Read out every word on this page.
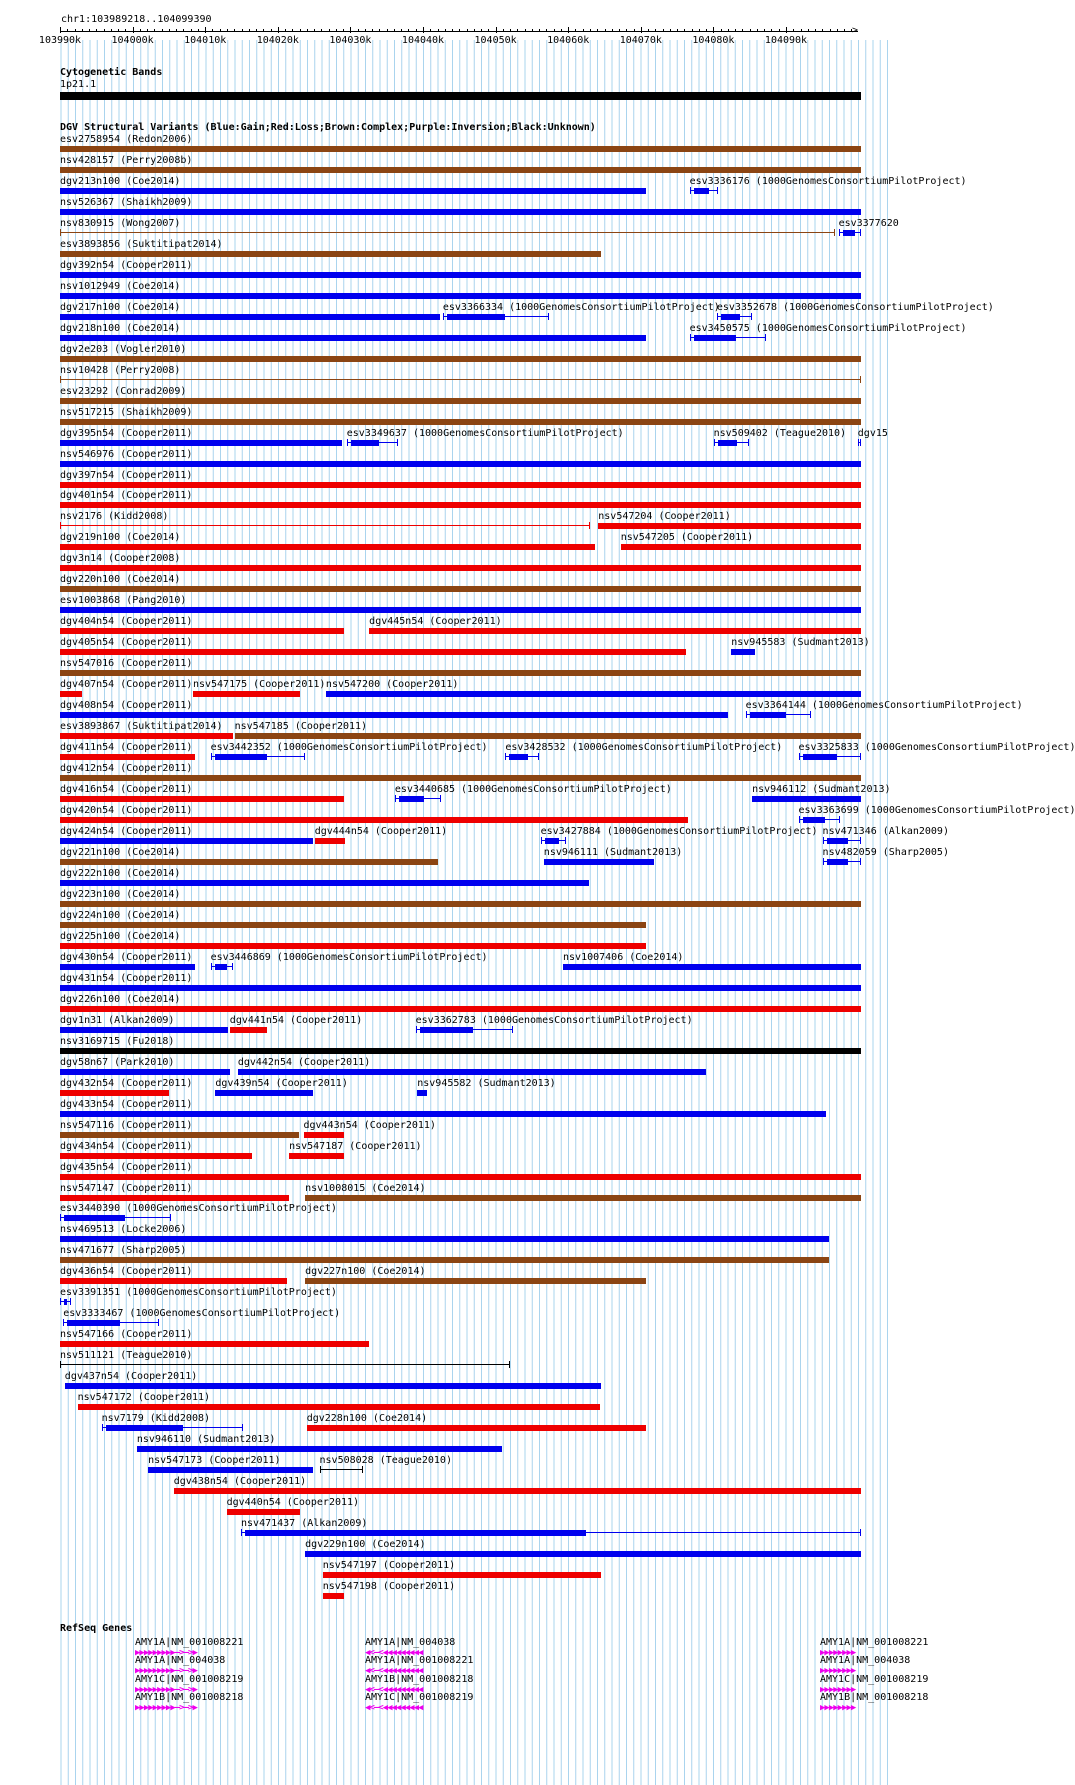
chr1:103989218..104099390
>
103990k	104000k	104010k	104020k	104030k	104040k	104050k	104060k	104070k	104080k	104090k
Cytogenetic Bands
1p21.1
DGV Structural Variants (Blue:Gain;Red:Loss;Brown:Complex;Purple:Inversion;Black:Unknown)
esv2758954 (Redon2006)
nsv428157 (Perry2008b)
dgv213n100 (Coe2014)	esv3336176 (1000GenomesConsortiumPilotProject)
nsv526367 (Shaikh2009)
nsv830915 (Wong2007)	esv3377620
esv3893856 (Suktitipat2014)
dgv392n54 (Cooper2011)
nsv1012949 (Coe2014)
dgv217n100 (Coe2014)	esv3366334 (1000GenomesConsortiumPilotProject)
esv3352678 (1000GenomesConsortiumPilotProject)
dgv218n100 (Coe2014)	esv3450575 (1000GenomesConsortiumPilotProject)
dgv2e203 (Vogler2010)
nsv10428 (Perry2008)
esv23292 (Conrad2009)
nsv517215 (Shaikh2009)
dgv395n54 (Cooper2011)	esv3349637 (1000GenomesConsortiumPilotProject)	nsv509402 (Teague2010) dgv15
nsv546976 (Cooper2011)
dgv397n54 (Cooper2011)
dgv401n54 (Cooper2011)
nsv2176 (Kidd2008)	nsv547204 (Cooper2011)
dgv219n100 (Coe2014)	nsv547205 (Cooper2011)
dgv3n14 (Cooper2008)
dgv220n100 (Coe2014)
esv1003868 (Pang2010)
dgv404n54 (Cooper2011)	dgv445n54 (Cooper2011)
dgv405n54 (Cooper2011)	nsv945583 (Sudmant2013)
nsv547016 (Cooper2011)
dgv407n54 (Cooper2011) nsv547175 (Cooper2011) nsv547200 (Cooper2011)
dgv408n54 (Cooper2011)	esv3364144 (1000GenomesConsortiumPilotProject)
esv3893867 (Suktitipat2014) nsv547185 (Cooper2011)
dgv411n54 (Cooper2011) esv3442352 (1000GenomesConsortiumPilotProject) esv3428532 (1000GenomesConsortiumPilotProject) esv3325833 (1000GenomesConsortiumPilotProject)
dgv412n54 (Cooper2011)
dgv416n54 (Cooper2011)	esv3440685 (1000GenomesConsortiumPilotProject)	nsv946112 (Sudmant2013)
dgv420n54 (Cooper2011)	esv3363699 (1000GenomesConsortiumPilotProject)
dgv424n54 (Cooper2011)	dgv444n54 (Cooper2011)	esv3427884 (1000GenomesConsortiumPilotProject) nsv471346 (Alkan2009)
dgv221n100 (Coe2014)	nsv946111 (Sudmant2013)	nsv482059 (Sharp2005)
dgv222n100 (Coe2014)
dgv223n100 (Coe2014)
dgv224n100 (Coe2014)
dgv225n100 (Coe2014)
dgv430n54 (Cooper2011) esv3446869 (1000GenomesConsortiumPilotProject)	nsv1007406 (Coe2014)
dgv431n54 (Cooper2011)
dgv226n100 (Coe2014)
dgv1n31 (Alkan2009)	dgv441n54 (Cooper2011)	esv3362783 (1000GenomesConsortiumPilotProject)
nsv3169715 (Fu2018)
dgv58n67 (Park2010)	dgv442n54 (Cooper2011)
dgv432n54 (Cooper2011) dgv439n54 (Cooper2011)	nsv945582 (Sudmant2013)
dgv433n54 (Cooper2011)
nsv547116 (Cooper2011)	dgv443n54 (Cooper2011)
dgv434n54 (Cooper2011)	nsv547187 (Cooper2011)
dgv435n54 (Cooper2011)
nsv547147 (Cooper2011)	nsv1008015 (Coe2014)
esv3440390 (1000GenomesConsortiumPilotProject)
nsv469513 (Locke2006)
nsv471677 (Sharp2005)
dgv436n54 (Cooper2011)	dgv227n100 (Coe2014)
esv3391351 (1000GenomesConsortiumPilotProject)
esv3333467 (1000GenomesConsortiumPilotProject)
nsv547166 (Cooper2011)
nsv511121 (Teague2010)
dgv437n54 (Cooper2011)
nsv547172 (Cooper2011)
nsv7179 (Kidd2008)	dgv228n100 (Coe2014)
nsv946110 (Sudmant2013)
nsv547173 (Cooper2011)	nsv508028 (Teague2010)
dgv438n54 (Cooper2011)
dgv440n54 (Cooper2011)
nsv471437 (Alkan2009)
dgv229n100 (Coe2014)
nsv547197 (Cooper2011)
nsv547198 (Cooper2011)
RefSeq Genes
AMY1A|NM_001008221
▶▶▶▶▶▶▶▶▶—>—>▶
AMY1A|NM_004038
▶▶▶▶▶▶▶▶▶—>—>▶
AMY1C|NM_001008219
▶▶▶▶▶▶▶▶▶—>—>▶
AMY1B|NM_001008218
▶▶▶▶▶▶▶▶▶—>—>▶
AMY1A|NM_004038
◀<—<◀◀◀◀◀◀◀◀◀
AMY1A|NM_001008221
◀<—<◀◀◀◀◀◀◀◀◀
AMY1B|NM_001008218
◀<—<◀◀◀◀◀◀◀◀◀
AMY1C|NM_001008219
◀<—<◀◀◀◀◀◀◀◀◀
AMY1A|NM_001008221
▶▶▶▶▶▶▶▶
AMY1A|NM_004038
▶▶▶▶▶▶▶▶
AMY1C|NM_001008219
▶▶▶▶▶▶▶▶
AMY1B|NM_001008218
▶▶▶▶▶▶▶▶
